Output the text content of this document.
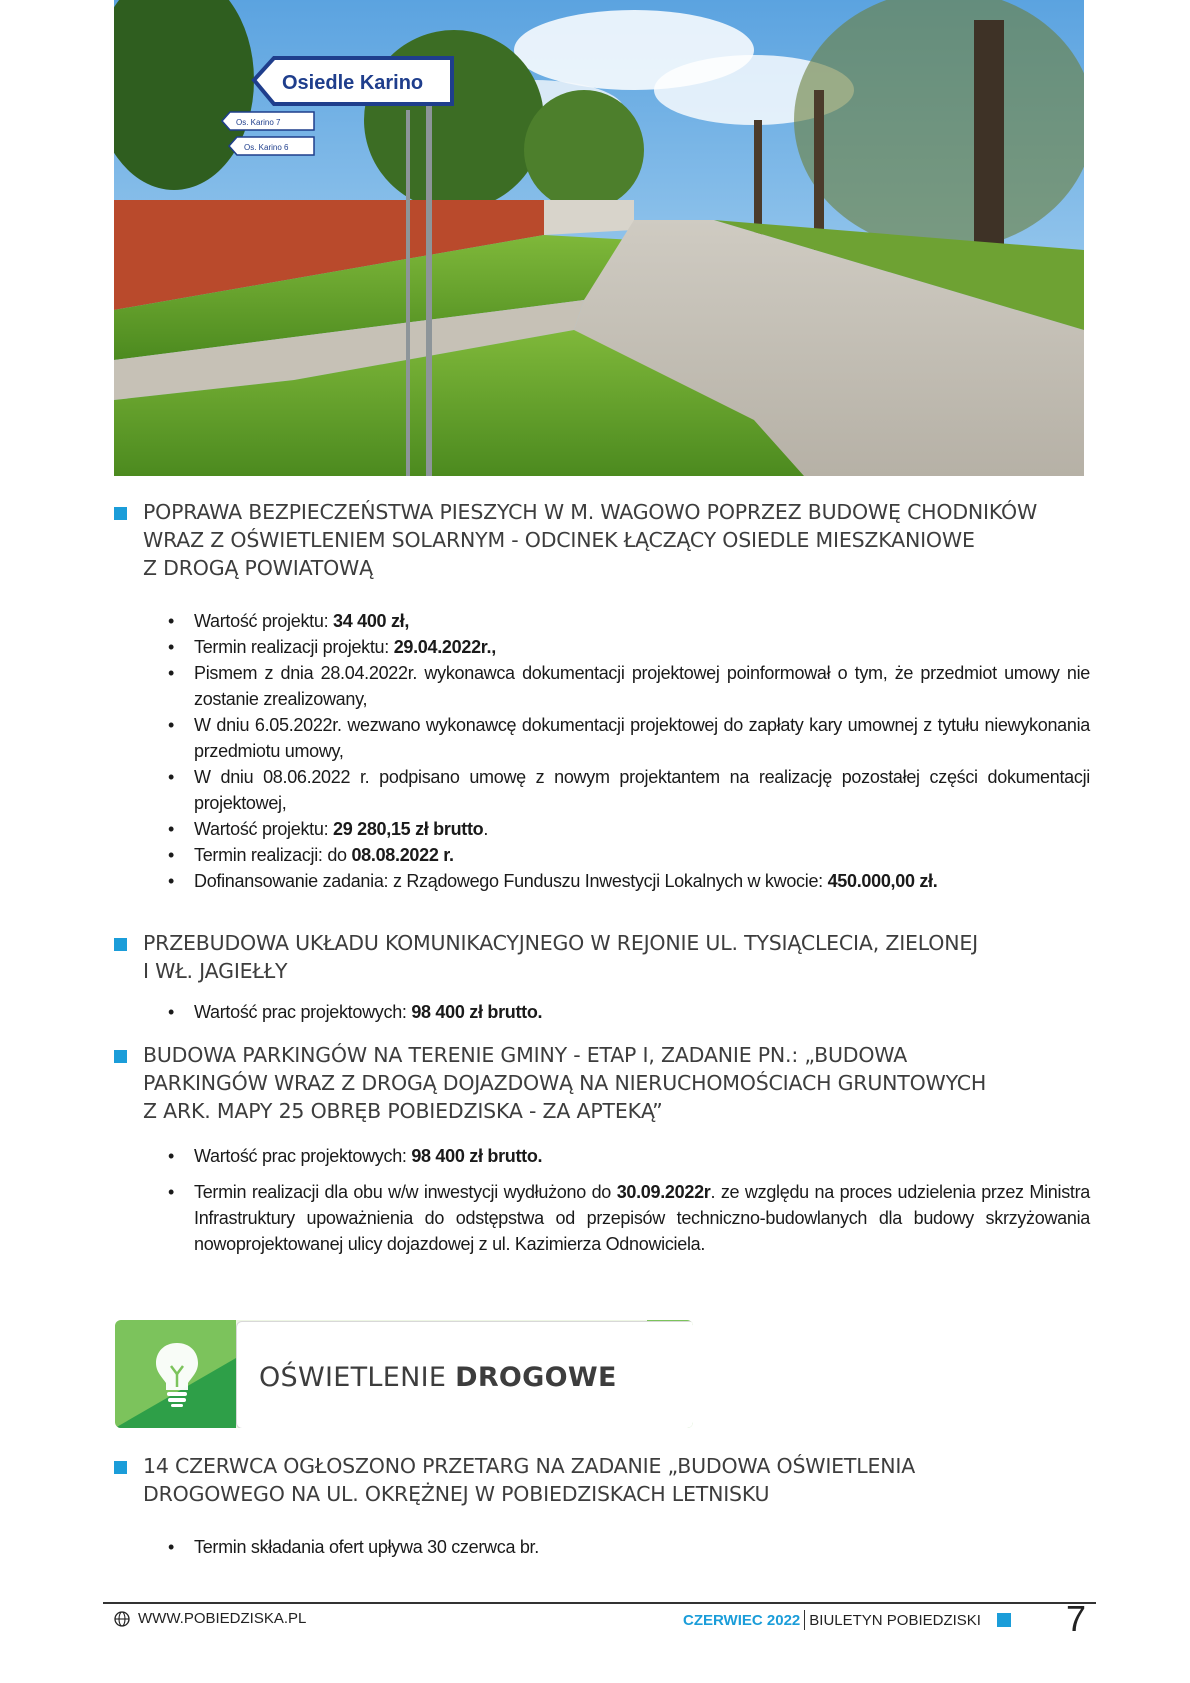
Osiedle Karino
Os. Karino 7
Os. Karino 6
POPRAWA BEZPIECZEŃSTWA PIESZYCH W M. WAGOWO POPRZEZ BUDOWĘ CHODNIKÓW
WRAZ Z OŚWIETLENIEM SOLARNYM - ODCINEK ŁĄCZĄCY OSIEDLE MIESZKANIOWE
Z DROGĄ POWIATOWĄ
• Wartość projektu: 34 400 zł,
• Termin realizacji projektu: 29.04.2022r.,
• Pismem z dnia 28.04.2022r. wykonawca dokumentacji projektowej poinformował o tym, że przedmiot umowy nie zostanie zrealizowany,
• W dniu 6.05.2022r. wezwano wykonawcę dokumentacji projektowej do zapłaty kary umownej z tytułu niewykonania przedmiotu umowy,
• W dniu 08.06.2022 r. podpisano umowę z nowym projektantem na realizację pozostałej części dokumentacji projektowej,
• Wartość projektu: 29 280,15 zł brutto.
• Termin realizacji: do 08.08.2022 r.
• Dofinansowanie zadania: z Rządowego Funduszu Inwestycji Lokalnych w kwocie: 450.000,00 zł.
PRZEBUDOWA UKŁADU KOMUNIKACYJNEGO W REJONIE UL. TYSIĄCLECIA, ZIELONEJ
I WŁ. JAGIEŁŁY
• Wartość prac projektowych: 98 400 zł brutto.
BUDOWA PARKINGÓW NA TERENIE GMINY - ETAP I, ZADANIE PN.: „BUDOWA
PARKINGÓW WRAZ Z DROGĄ DOJAZDOWĄ NA NIERUCHOMOŚCIACH GRUNTOWYCH
Z ARK. MAPY 25 OBRĘB POBIEDZISKA - ZA APTEKĄ”
• Wartość prac projektowych: 98 400 zł brutto.
• Termin realizacji dla obu w/w inwestycji wydłużono do 30.09.2022r. ze względu na proces udzielenia przez Ministra Infrastruktury upoważnienia do odstępstwa od przepisów techniczno-budowlanych dla budowy skrzyżowania nowoprojektowanej ulicy dojazdowej z ul. Kazimierza Odnowiciela.
OŚWIETLENIE DROGOWE
14 CZERWCA OGŁOSZONO PRZETARG NA ZADANIE „BUDOWA OŚWIETLENIA
DROGOWEGO NA UL. OKRĘŻNEJ W POBIEDZISKACH LETNISKU
• Termin składania ofert upływa 30 czerwca br.
WWW.POBIEDZISKA.PL	CZERWIEC 2022 BIULETYN POBIEDZISKI 7
